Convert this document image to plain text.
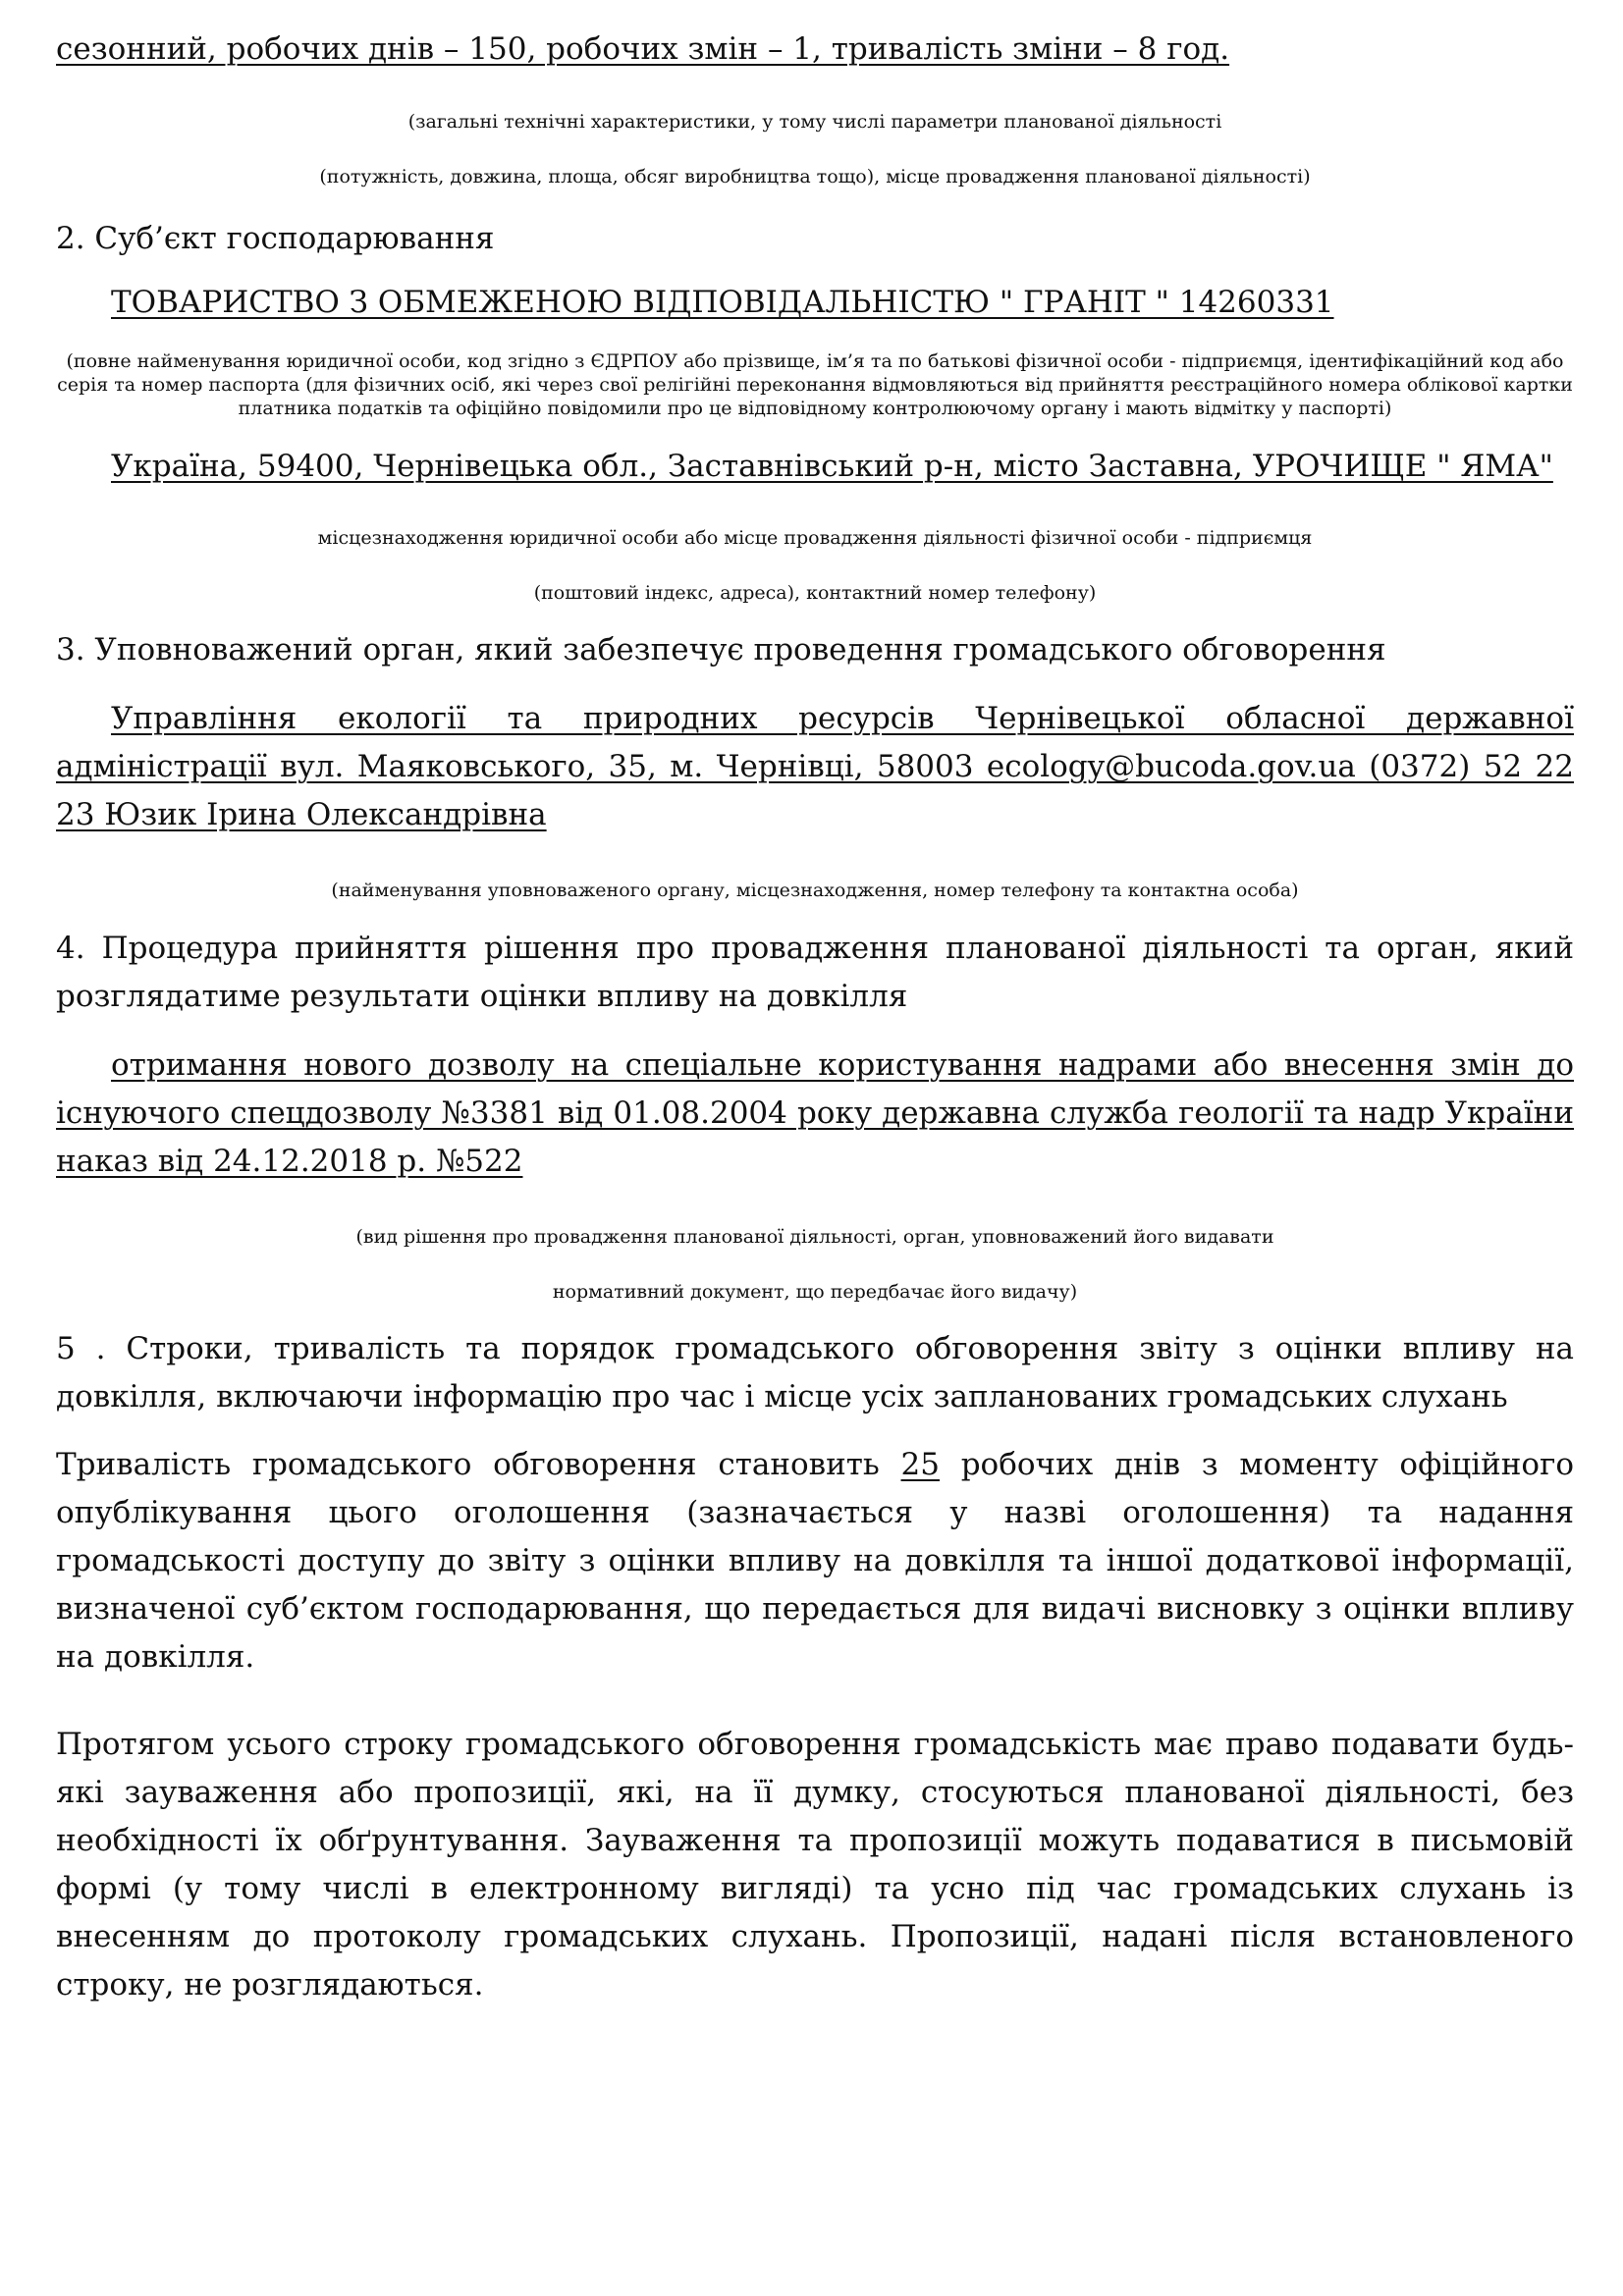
сезонний, робочих днів – 150, робочих змін – 1, тривалість зміни – 8 год.

(загальні технічні характеристики, у тому числі параметри планованої діяльності

(потужність, довжина, площа, обсяг виробництва тощо), місце провадження планованої діяльності)

2. Суб’єкт господарювання

ТОВАРИСТВО З ОБМЕЖЕНОЮ ВІДПОВІДАЛЬНІСТЮ " ГРАНІТ " 14260331

(повне найменування юридичної особи, код згідно з ЄДРПОУ або прізвище, ім’я та по батькові фізичної особи - підприємця, ідентифікаційний код або серія та номер паспорта (для фізичних осіб, які через свої релігійні переконання відмовляються від прийняття реєстраційного номера облікової картки платника податків та офіційно повідомили про це відповідному контролюючому органу і мають відмітку у паспорті)

Україна, 59400, Чернівецька обл., Заставнівський р-н, місто Заставна, УРОЧИЩЕ " ЯМА"

місцезнаходження юридичної особи або місце провадження діяльності фізичної особи - підприємця

(поштовий індекс, адреса), контактний номер телефону)

3. Уповноважений орган, який забезпечує проведення громадського обговорення

Управління екології та природних ресурсів Чернівецької обласної державної адміністрації вул. Маяковського, 35, м. Чернівці, 58003 ecology@bucoda.gov.ua (0372) 52 22 23 Юзик Ірина Олександрівна

(найменування уповноваженого органу, місцезнаходження, номер телефону та контактна особа)

4. Процедура прийняття рішення про провадження планованої діяльності та орган, який розглядатиме результати оцінки впливу на довкілля

отримання нового дозволу на спеціальне користування надрами або внесення змін до існуючого спецдозволу №3381 від 01.08.2004 року державна служба геології та надр України наказ від 24.12.2018 р. №522

(вид рішення про провадження планованої діяльності, орган, уповноважений його видавати

нормативний документ, що передбачає його видачу)

5 . Строки, тривалість та порядок громадського обговорення звіту з оцінки впливу на довкілля, включаючи інформацію про час і місце усіх запланованих громадських слухань

Тривалість громадського обговорення становить 25 робочих днів з моменту офіційного опублікування цього оголошення (зазначається у назві оголошення) та надання громадськості доступу до звіту з оцінки впливу на довкілля та іншої додаткової інформації, визначеної суб’єктом господарювання, що передається для видачі висновку з оцінки впливу на довкілля.

Протягом усього строку громадського обговорення громадськість має право подавати будь-які зауваження або пропозиції, які, на її думку, стосуються планованої діяльності, без необхідності їх обґрунтування. Зауваження та пропозиції можуть подаватися в письмовій формі (у тому числі в електронному вигляді) та усно під час громадських слухань із внесенням до протоколу громадських слухань. Пропозиції, надані після встановленого строку, не розглядаються.
